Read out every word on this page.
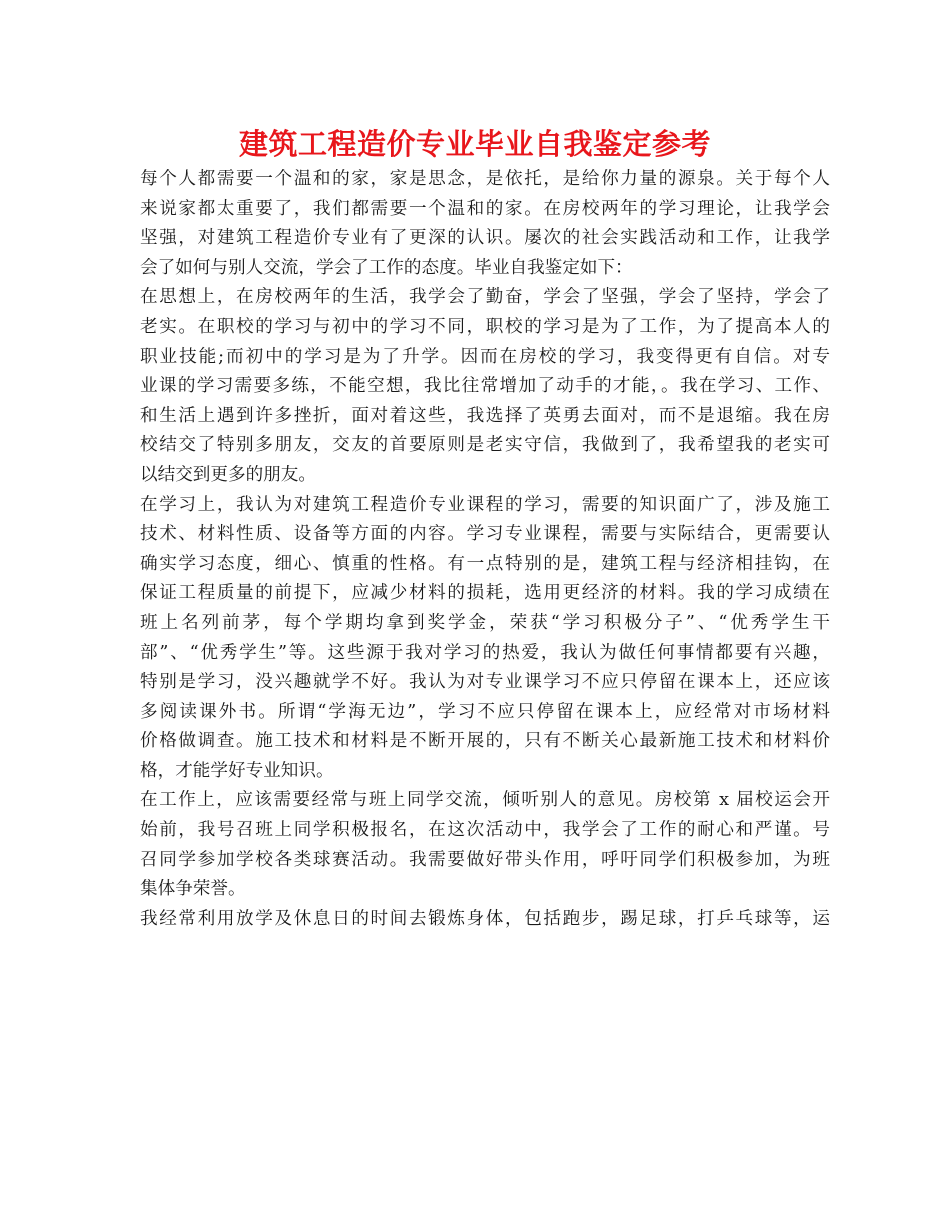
建筑工程造价专业毕业自我鉴定参考
每个人都需要一个温和的家，家是思念，是依托，是给你力量的源泉。关于每个人
来说家都太重要了，我们都需要一个温和的家。在房校两年的学习理论，让我学会
坚强，对建筑工程造价专业有了更深的认识。屡次的社会实践活动和工作，让我学
会了如何与别人交流，学会了工作的态度。毕业自我鉴定如下：
在思想上，在房校两年的生活，我学会了勤奋，学会了坚强，学会了坚持，学会了
老实。在职校的学习与初中的学习不同，职校的学习是为了工作，为了提高本人的
职业技能;而初中的学习是为了升学。因而在房校的学习，我变得更有自信。对专
业课的学习需要多练，不能空想，我比往常增加了动手的才能，。我在学习、工作、
和生活上遇到许多挫折，面对着这些，我选择了英勇去面对，而不是退缩。我在房
校结交了特别多朋友，交友的首要原则是老实守信，我做到了，我希望我的老实可
以结交到更多的朋友。
在学习上，我认为对建筑工程造价专业课程的学习，需要的知识面广了，涉及施工
技术、材料性质、设备等方面的内容。学习专业课程，需要与实际结合，更需要认
确实学习态度，细心、慎重的性格。有一点特别的是，建筑工程与经济相挂钩，在
保证工程质量的前提下，应减少材料的损耗，选用更经济的材料。我的学习成绩在
班上名列前茅，每个学期均拿到奖学金，荣获“学习积极分子”、“优秀学生干
部”、“优秀学生”等。这些源于我对学习的热爱，我认为做任何事情都要有兴趣，
特别是学习，没兴趣就学不好。我认为对专业课学习不应只停留在课本上，还应该
多阅读课外书。所谓“学海无边”，学习不应只停留在课本上，应经常对市场材料
价格做调查。施工技术和材料是不断开展的，只有不断关心最新施工技术和材料价
格，才能学好专业知识。
在工作上，应该需要经常与班上同学交流，倾听别人的意见。房校第 x 届校运会开
始前，我号召班上同学积极报名，在这次活动中，我学会了工作的耐心和严谨。号
召同学参加学校各类球赛活动。我需要做好带头作用，呼吁同学们积极参加，为班
集体争荣誉。
我经常利用放学及休息日的时间去锻炼身体，包括跑步，踢足球，打乒乓球等，运
